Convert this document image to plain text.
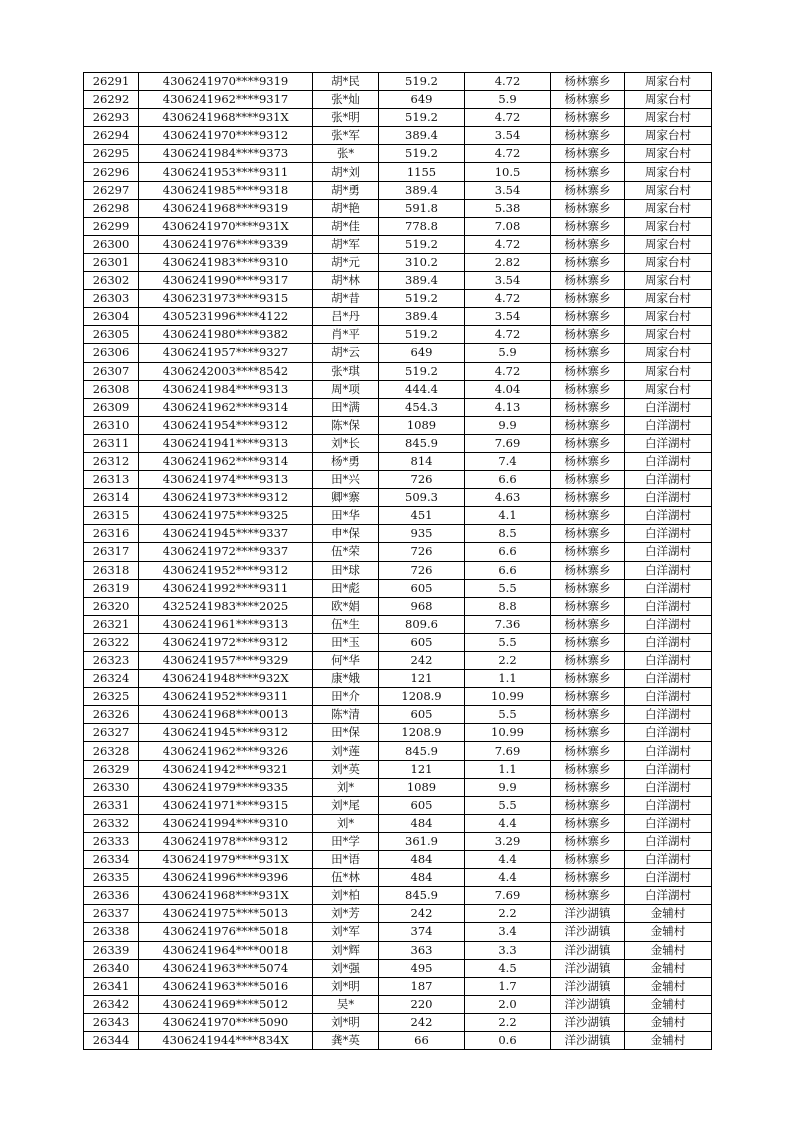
26291	4306241970****9319	胡*民	519.2	4.72	杨林寨乡	周家台村
26292	4306241962****9317	张*灿	649	5.9	杨林寨乡	周家台村
26293	4306241968****931X	张*明	519.2	4.72	杨林寨乡	周家台村
26294	4306241970****9312	张*军	389.4	3.54	杨林寨乡	周家台村
26295	4306241984****9373	张*	519.2	4.72	杨林寨乡	周家台村
26296	4306241953****9311	胡*刘	1155	10.5	杨林寨乡	周家台村
26297	4306241985****9318	胡*勇	389.4	3.54	杨林寨乡	周家台村
26298	4306241968****9319	胡*艳	591.8	5.38	杨林寨乡	周家台村
26299	4306241970****931X	胡*佳	778.8	7.08	杨林寨乡	周家台村
26300	4306241976****9339	胡*军	519.2	4.72	杨林寨乡	周家台村
26301	4306241983****9310	胡*元	310.2	2.82	杨林寨乡	周家台村
26302	4306241990****9317	胡*林	389.4	3.54	杨林寨乡	周家台村
26303	4306231973****9315	胡*昔	519.2	4.72	杨林寨乡	周家台村
26304	4305231996****4122	吕*丹	389.4	3.54	杨林寨乡	周家台村
26305	4306241980****9382	肖*平	519.2	4.72	杨林寨乡	周家台村
26306	4306241957****9327	胡*云	649	5.9	杨林寨乡	周家台村
26307	4306242003****8542	张*琪	519.2	4.72	杨林寨乡	周家台村
26308	4306241984****9313	周*项	444.4	4.04	杨林寨乡	周家台村
26309	4306241962****9314	田*满	454.3	4.13	杨林寨乡	白洋湖村
26310	4306241954****9312	陈*保	1089	9.9	杨林寨乡	白洋湖村
26311	4306241941****9313	刘*长	845.9	7.69	杨林寨乡	白洋湖村
26312	4306241962****9314	杨*勇	814	7.4	杨林寨乡	白洋湖村
26313	4306241974****9313	田*兴	726	6.6	杨林寨乡	白洋湖村
26314	4306241973****9312	卿*寨	509.3	4.63	杨林寨乡	白洋湖村
26315	4306241975****9325	田*华	451	4.1	杨林寨乡	白洋湖村
26316	4306241945****9337	申*保	935	8.5	杨林寨乡	白洋湖村
26317	4306241972****9337	伍*荣	726	6.6	杨林寨乡	白洋湖村
26318	4306241952****9312	田*球	726	6.6	杨林寨乡	白洋湖村
26319	4306241992****9311	田*彪	605	5.5	杨林寨乡	白洋湖村
26320	4325241983****2025	欧*娟	968	8.8	杨林寨乡	白洋湖村
26321	4306241961****9313	伍*生	809.6	7.36	杨林寨乡	白洋湖村
26322	4306241972****9312	田*玉	605	5.5	杨林寨乡	白洋湖村
26323	4306241957****9329	何*华	242	2.2	杨林寨乡	白洋湖村
26324	4306241948****932X	康*娥	121	1.1	杨林寨乡	白洋湖村
26325	4306241952****9311	田*介	1208.9	10.99	杨林寨乡	白洋湖村
26326	4306241968****0013	陈*清	605	5.5	杨林寨乡	白洋湖村
26327	4306241945****9312	田*保	1208.9	10.99	杨林寨乡	白洋湖村
26328	4306241962****9326	刘*莲	845.9	7.69	杨林寨乡	白洋湖村
26329	4306241942****9321	刘*英	121	1.1	杨林寨乡	白洋湖村
26330	4306241979****9335	刘*	1089	9.9	杨林寨乡	白洋湖村
26331	4306241971****9315	刘*尾	605	5.5	杨林寨乡	白洋湖村
26332	4306241994****9310	刘*	484	4.4	杨林寨乡	白洋湖村
26333	4306241978****9312	田*学	361.9	3.29	杨林寨乡	白洋湖村
26334	4306241979****931X	田*语	484	4.4	杨林寨乡	白洋湖村
26335	4306241996****9396	伍*林	484	4.4	杨林寨乡	白洋湖村
26336	4306241968****931X	刘*柏	845.9	7.69	杨林寨乡	白洋湖村
26337	4306241975****5013	刘*芳	242	2.2	洋沙湖镇	金辅村
26338	4306241976****5018	刘*军	374	3.4	洋沙湖镇	金辅村
26339	4306241964****0018	刘*辉	363	3.3	洋沙湖镇	金辅村
26340	4306241963****5074	刘*强	495	4.5	洋沙湖镇	金辅村
26341	4306241963****5016	刘*明	187	1.7	洋沙湖镇	金辅村
26342	4306241969****5012	吴*	220	2.0	洋沙湖镇	金辅村
26343	4306241970****5090	刘*明	242	2.2	洋沙湖镇	金辅村
26344	4306241944****834X	龚*英	66	0.6	洋沙湖镇	金辅村
